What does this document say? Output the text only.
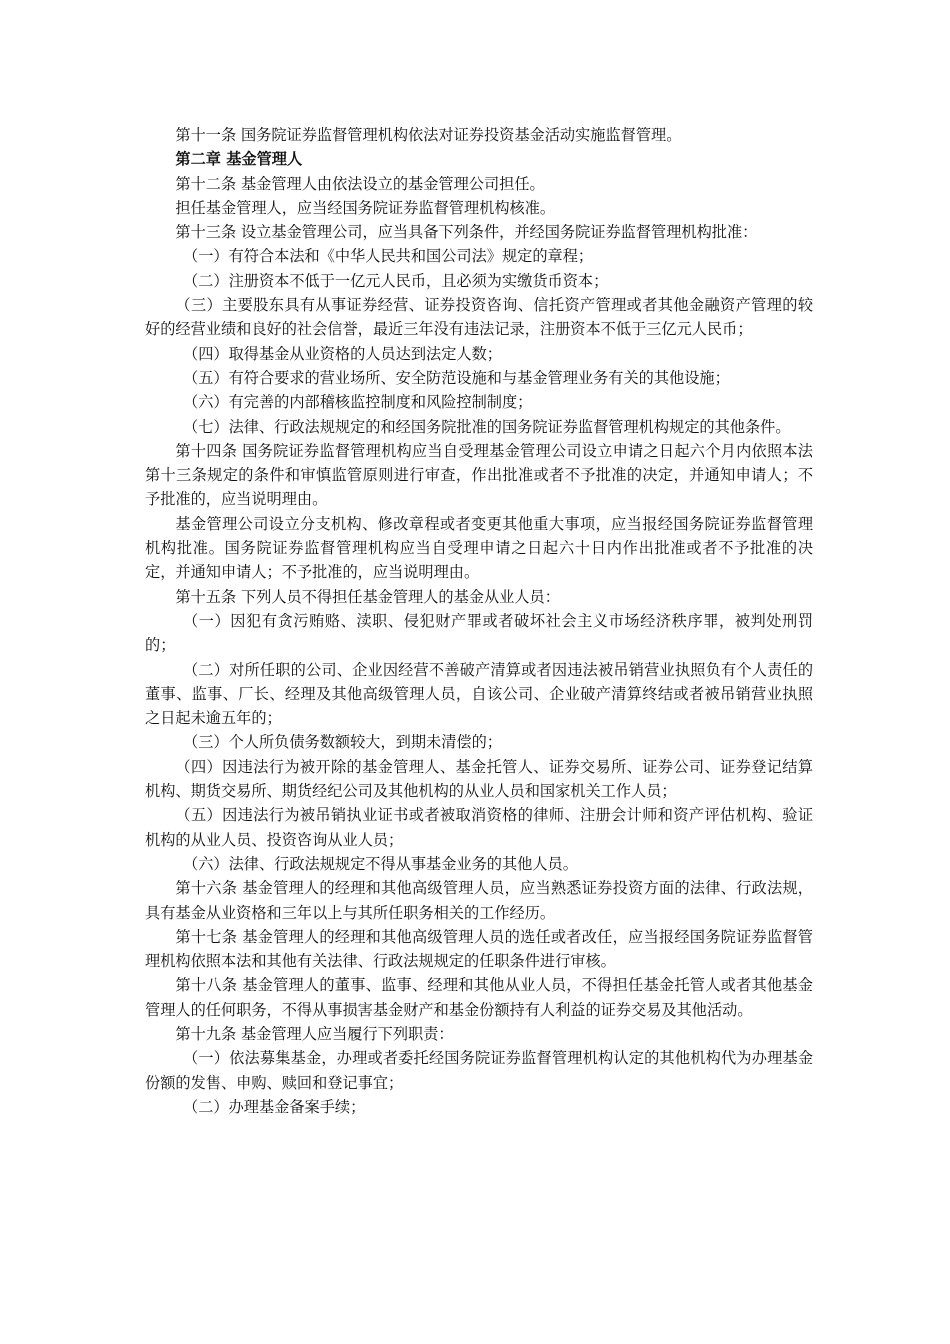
第十一条 国务院证券监督管理机构依法对证券投资基金活动实施监督管理。

第二章 基金管理人

第十二条 基金管理人由依法设立的基金管理公司担任。

担任基金管理人，应当经国务院证券监督管理机构核准。

第十三条 设立基金管理公司，应当具备下列条件，并经国务院证券监督管理机构批准：

（一）有符合本法和《中华人民共和国公司法》规定的章程；

（二）注册资本不低于一亿元人民币，且必须为实缴货币资本；

（三）主要股东具有从事证券经营、证券投资咨询、信托资产管理或者其他金融资产管理的较好的经营业绩和良好的社会信誉，最近三年没有违法记录，注册资本不低于三亿元人民币；

（四）取得基金从业资格的人员达到法定人数；

（五）有符合要求的营业场所、安全防范设施和与基金管理业务有关的其他设施；

（六）有完善的内部稽核监控制度和风险控制制度；

（七）法律、行政法规规定的和经国务院批准的国务院证券监督管理机构规定的其他条件。

第十四条 国务院证券监督管理机构应当自受理基金管理公司设立申请之日起六个月内依照本法第十三条规定的条件和审慎监管原则进行审查，作出批准或者不予批准的决定，并通知申请人；不予批准的，应当说明理由。

基金管理公司设立分支机构、修改章程或者变更其他重大事项，应当报经国务院证券监督管理机构批准。国务院证券监督管理机构应当自受理申请之日起六十日内作出批准或者不予批准的决定，并通知申请人；不予批准的，应当说明理由。

第十五条 下列人员不得担任基金管理人的基金从业人员：

（一）因犯有贪污贿赂、渎职、侵犯财产罪或者破坏社会主义市场经济秩序罪，被判处刑罚的；

（二）对所任职的公司、企业因经营不善破产清算或者因违法被吊销营业执照负有个人责任的董事、监事、厂长、经理及其他高级管理人员，自该公司、企业破产清算终结或者被吊销营业执照之日起未逾五年的；

（三）个人所负债务数额较大，到期未清偿的；

（四）因违法行为被开除的基金管理人、基金托管人、证券交易所、证券公司、证券登记结算机构、期货交易所、期货经纪公司及其他机构的从业人员和国家机关工作人员；

（五）因违法行为被吊销执业证书或者被取消资格的律师、注册会计师和资产评估机构、验证机构的从业人员、投资咨询从业人员；

（六）法律、行政法规规定不得从事基金业务的其他人员。

第十六条 基金管理人的经理和其他高级管理人员，应当熟悉证券投资方面的法律、行政法规，具有基金从业资格和三年以上与其所任职务相关的工作经历。

第十七条 基金管理人的经理和其他高级管理人员的选任或者改任，应当报经国务院证券监督管理机构依照本法和其他有关法律、行政法规规定的任职条件进行审核。

第十八条 基金管理人的董事、监事、经理和其他从业人员，不得担任基金托管人或者其他基金管理人的任何职务，不得从事损害基金财产和基金份额持有人利益的证券交易及其他活动。

第十九条 基金管理人应当履行下列职责：

（一）依法募集基金，办理或者委托经国务院证券监督管理机构认定的其他机构代为办理基金份额的发售、申购、赎回和登记事宜；

（二）办理基金备案手续；
